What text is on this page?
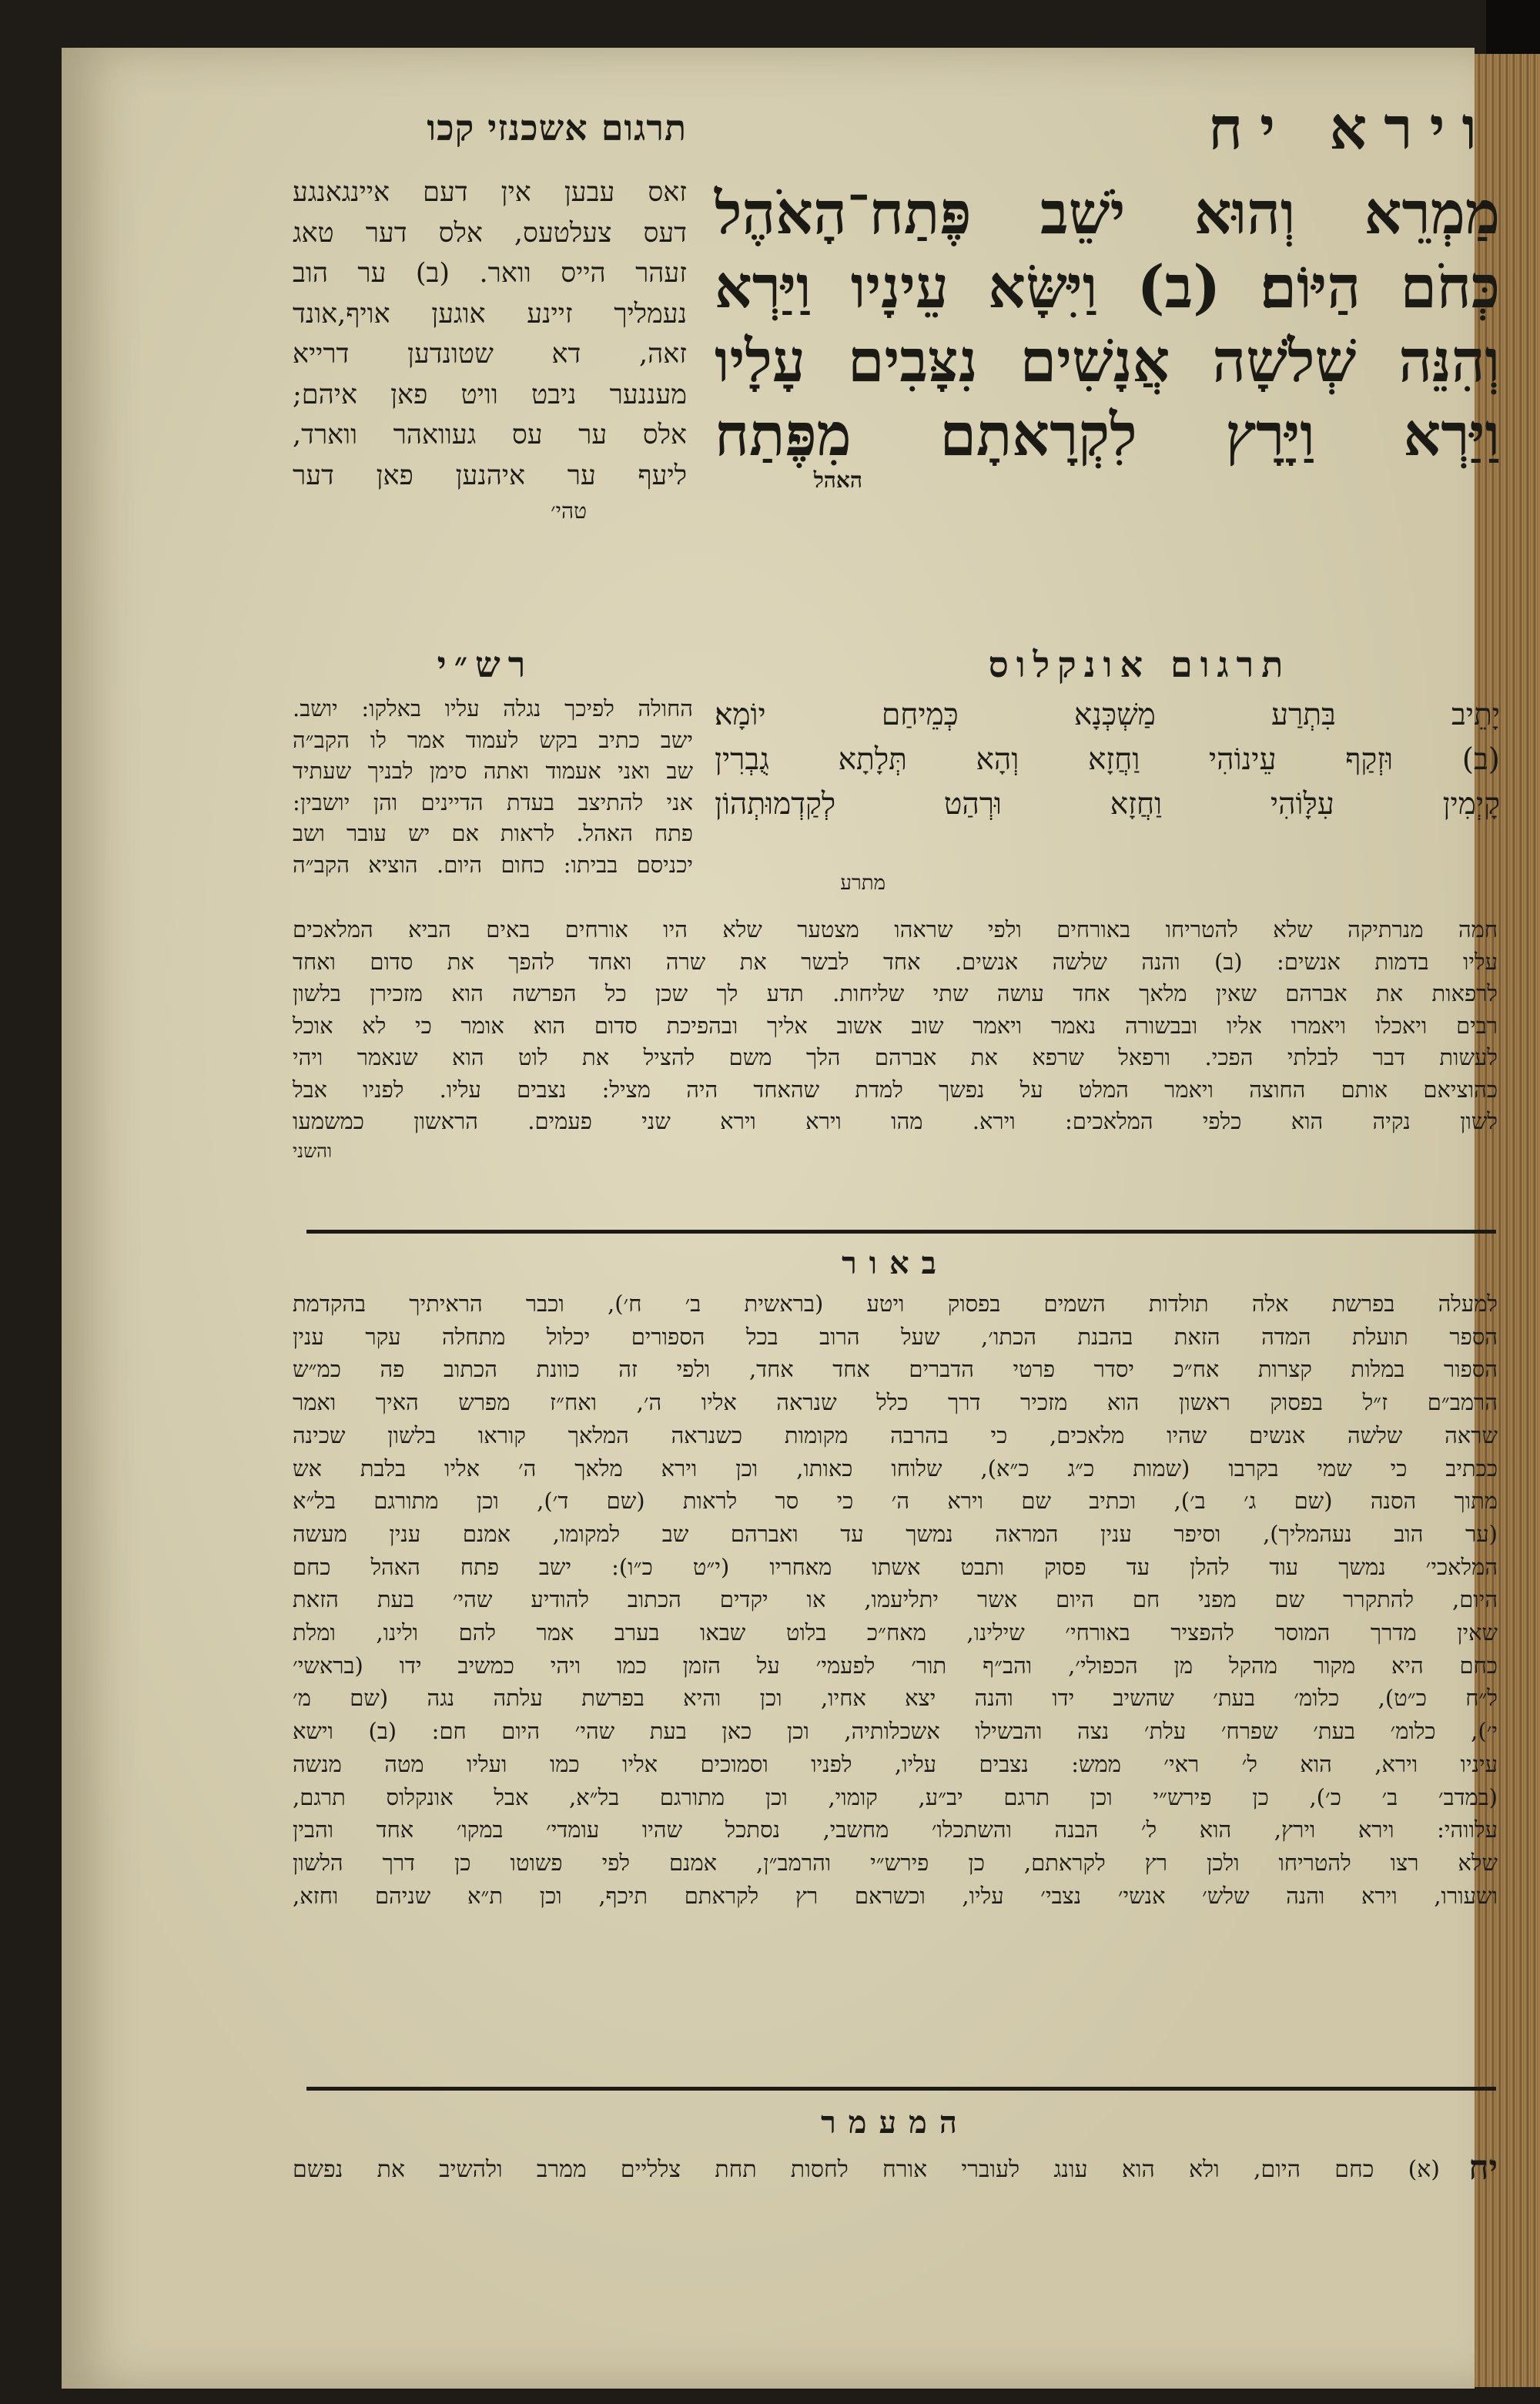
וירא יח
תרגום אשכנזי קכו
מַמְרֵא וְהוּא יֹשֵׁב פֶּתַח־הָאֹהֶל
כְּחֹם הַיּוֹם׃ (ב) וַיִּשָּׂא עֵינָיו וַיַּרְא
וְהִנֵּה שְׁלֹשָׁה אֲנָשִׁים נִצָּבִים עָלָיו
וַיַּרְא וַיָּרָץ לִקְרָאתָם מִפֶּתַח
האהל
זאס עבען אין דעם איינגאנגע
דעס צעלטעס, אלס דער טאג
זעהר הייס וואר. (ב) ער הוב
נעמליך זיינע אוגען אויף,אונד
זאה, דא שטונדען דרייא
מעננער ניבט וויט פאן איהם;
אלס ער עס געוואהר ווארד,
ליעף ער איהנען פאן דער
טהי׳
תרגום אונקלוס
יָתֵיב בִּתְרַע מַשְׁכְּנָא כְּמֵיחַם יוֹמָא׃
(ב) וּזְקַף עֵינוֹהִי וַחֲזָא וְהָא תְּלָתָא גֻבְרִין
קָיְמִין עִלָּוֹהִי וַחֲזָא וּרְהַט לְקַדְמוּתְהוֹן
מתרע
רש״י
החולה לפיכך נגלה עליו באלקו: יושב.
ישב כתיב בקש לעמוד אמר לו הקב״ה
שב ואני אעמוד ואתה סימן לבניך שעתיד
אני להתיצב בעדת הדיינים והן יושבין:
פתח האהל. לראות אם יש עובר ושב
יכניסם בביתו: כחום היום. הוציא הקב״ה
חמה מנרתיקה שלא להטריחו באורחים ולפי שראהו מצטער שלא היו אורחים באים הביא המלאכים
עליו בדמות אנשים: (ב) והנה שלשה אנשים. אחד לבשר את שרה ואחד להפך את סדום ואחד
לרפאות את אברהם שאין מלאך אחד עושה שתי שליחות. תדע לך שכן כל הפרשה הוא מזכירן בלשון
רבים ויאכלו ויאמרו אליו ובבשורה נאמר ויאמר שוב אשוב אליך ובהפיכת סדום הוא אומר כי לא אוכל
לעשות דבר לבלתי הפכי. ורפאל שרפא את אברהם הלך משם להציל את לוט הוא שנאמר ויהי
כהוציאם אותם החוצה ויאמר המלט על נפשך למדת שהאחד היה מציל: נצבים עליו. לפניו אבל
לשון נקיה הוא כלפי המלאכים: וירא. מהו וירא וירא שני פעמים. הראשון כמשמעו
והשני
באור
למעלה בפרשת אלה תולדות השמים בפסוק ויטע (בראשית ב׳ ח׳), וכבר הראיתיך בהקדמת
הספר תועלת המדה הזאת בהבנת הכתו׳, שעל הרוב בכל הספורים יכלול מתחלה עקר ענין
הספור במלות קצרות אח״כ יסדר פרטי הדברים אחד אחד, ולפי זה כוונת הכתוב פה כמ״ש
הרמב״ם ז״ל בפסוק ראשון הוא מזכיר דרך כלל שנראה אליו ה׳, ואח״ז מפרש האיך ואמר
שראה שלשה אנשים שהיו מלאכים, כי בהרבה מקומות כשנראה המלאך קוראו בלשון שכינה
ככתיב כי שמי בקרבו (שמות כ״ג כ״א), שלוחו כאותו, וכן וירא מלאך ה׳ אליו בלבת אש
מתוך הסנה (שם ג׳ ב׳), וכתיב שם וירא ה׳ כי סר לראות (שם ד׳), וכן מתורגם בל״א
(ער הוב נעהמליך), וסיפר ענין המראה נמשך עד ואברהם שב למקומו, אמנם ענין מעשה
המלאכי׳ נמשך עוד להלן עד פסוק ותבט אשתו מאחריו (י״ט כ״ו): ישב פתח האהל כחם
היום, להתקרר שם מפני חם היום אשר יתליעמו, או יקדים הכתוב להודיע שהי׳ בעת הזאת
שאין מדרך המוסר להפציר באורחי׳ שילינו, מאח״כ בלוט שבאו בערב אמר להם ולינו, ומלת
כחם היא מקור מהקל מן הכפולי׳, והב״ף תור׳ לפעמי׳ על הזמן כמו ויהי כמשיב ידו (בראשי׳
ל״ח כ״ט), כלומ׳ בעת׳ שהשיב ידו והנה יצא אחיו, וכן והיא בפרשת עלתה נגה (שם מ׳
י׳), כלומ׳ בעת׳ שפרח׳ עלת׳ נצה והבשילו אשכלותיה, וכן כאן בעת שהי׳ היום חם: (ב) וישא
עיניו וירא, הוא ל׳ ראי׳ ממש: נצבים עליו, לפניו וסמוכים אליו כמו ועליו מטה מנשה
(במדב׳ ב׳ כ׳), כן פירש״י וכן תרגם יב״ע, קומוי, וכן מתורגם בל״א, אבל אונקלוס תרגם,
עלווהי: וירא וירץ, הוא ל׳ הבנה והשתכלו׳ מחשבי, נסתכל שהיו עומדי׳ במקו׳ אחד והבין
שלא רצו להטריחו ולכן רץ לקראתם, כן פירש״י והרמב״ן, אמנם לפי פשוטו כן דרך הלשון
ושעורו, וירא והנה שלש׳ אנשי׳ נצבי׳ עליו, וכשראם רץ לקראתם תיכף, וכן ת״א שניהם וחזא,
המעמר
יח
(א) כחם היום, ולא הוא עונג לעוברי אורח לחסות תחת צלליים ממרב ולהשיב את נפשם
